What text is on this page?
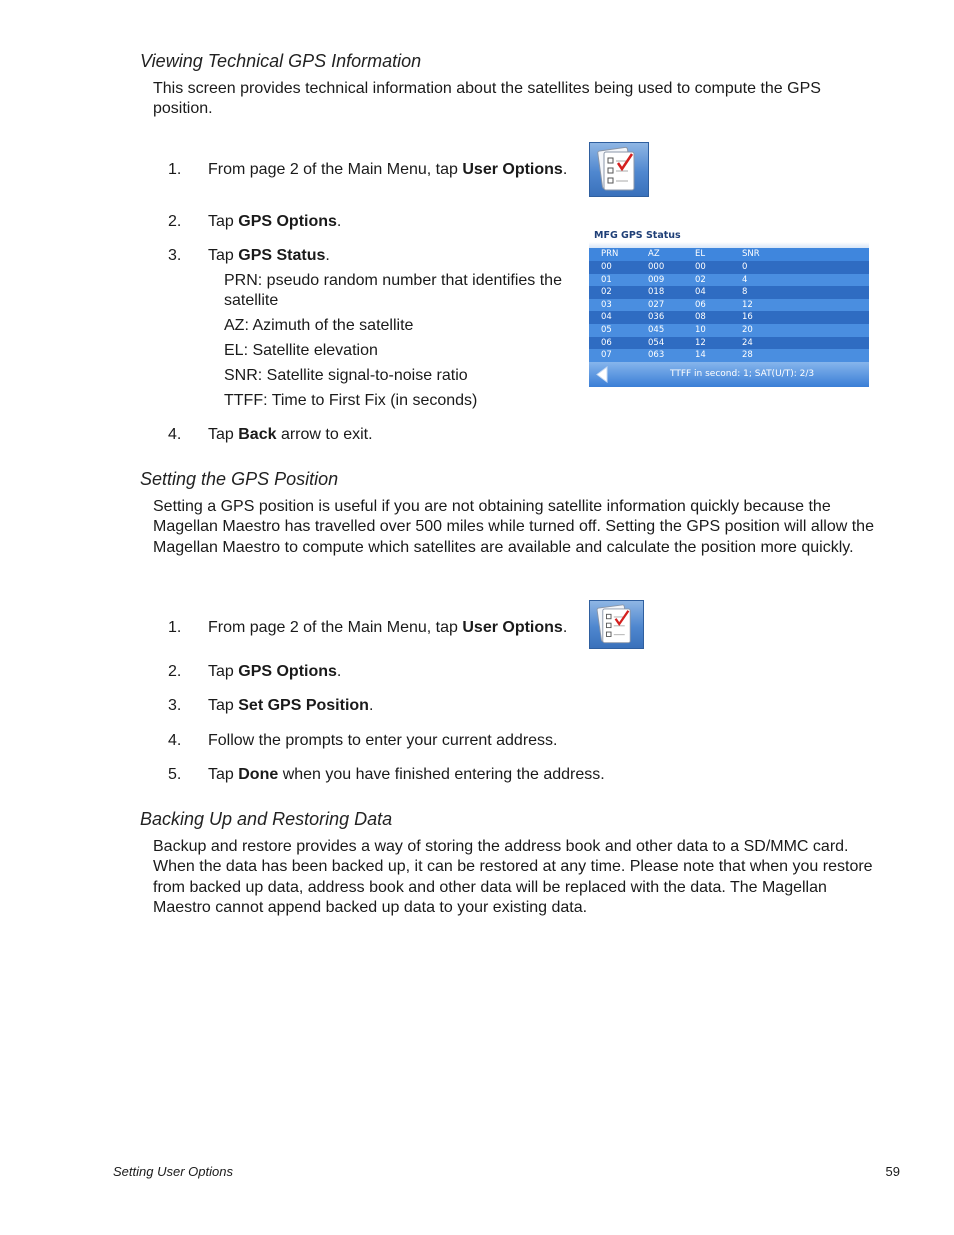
Viewing Technical GPS Information
This screen provides technical information about the satellites being used to compute the GPS position.
1.	From page 2 of the Main Menu, tap User Options.
2.	Tap GPS Options.
3.	Tap GPS Status.
PRN: pseudo random number that identifies the satellite
AZ: Azimuth of the satellite
EL: Satellite elevation
SNR: Satellite signal-to-noise ratio
TTFF: Time to First Fix (in seconds)
MFG GPS Status
PRN	AZ	EL	SNR
00	000	00	0
01	009	02	4
02	018	04	8
03	027	06	12
04	036	08	16
05	045	10	20
06	054	12	24
07	063	14	28
TTFF in second: 1; SAT(U/T): 2/3
4.	Tap Back arrow to exit.
Setting the GPS Position
Setting a GPS position is useful if you are not obtaining satellite information quickly because the Magellan Maestro has travelled over 500 miles while turned off. Setting the GPS position will allow the Magellan Maestro to compute which satellites are available and calculate the position more quickly.
1.	From page 2 of the Main Menu, tap User Options.
2.	Tap GPS Options.
3.	Tap Set GPS Position.
4.	Follow the prompts to enter your current address.
5.	Tap Done when you have finished entering the address.
Backing Up and Restoring Data
Backup and restore provides a way of storing the address book and other data to a SD/MMC card. When the data has been backed up, it can be restored at any time. Please note that when you restore from backed up data, address book and other data will be replaced with the data. The Magellan Maestro cannot append backed up data to your existing data.
Setting User Options	59
